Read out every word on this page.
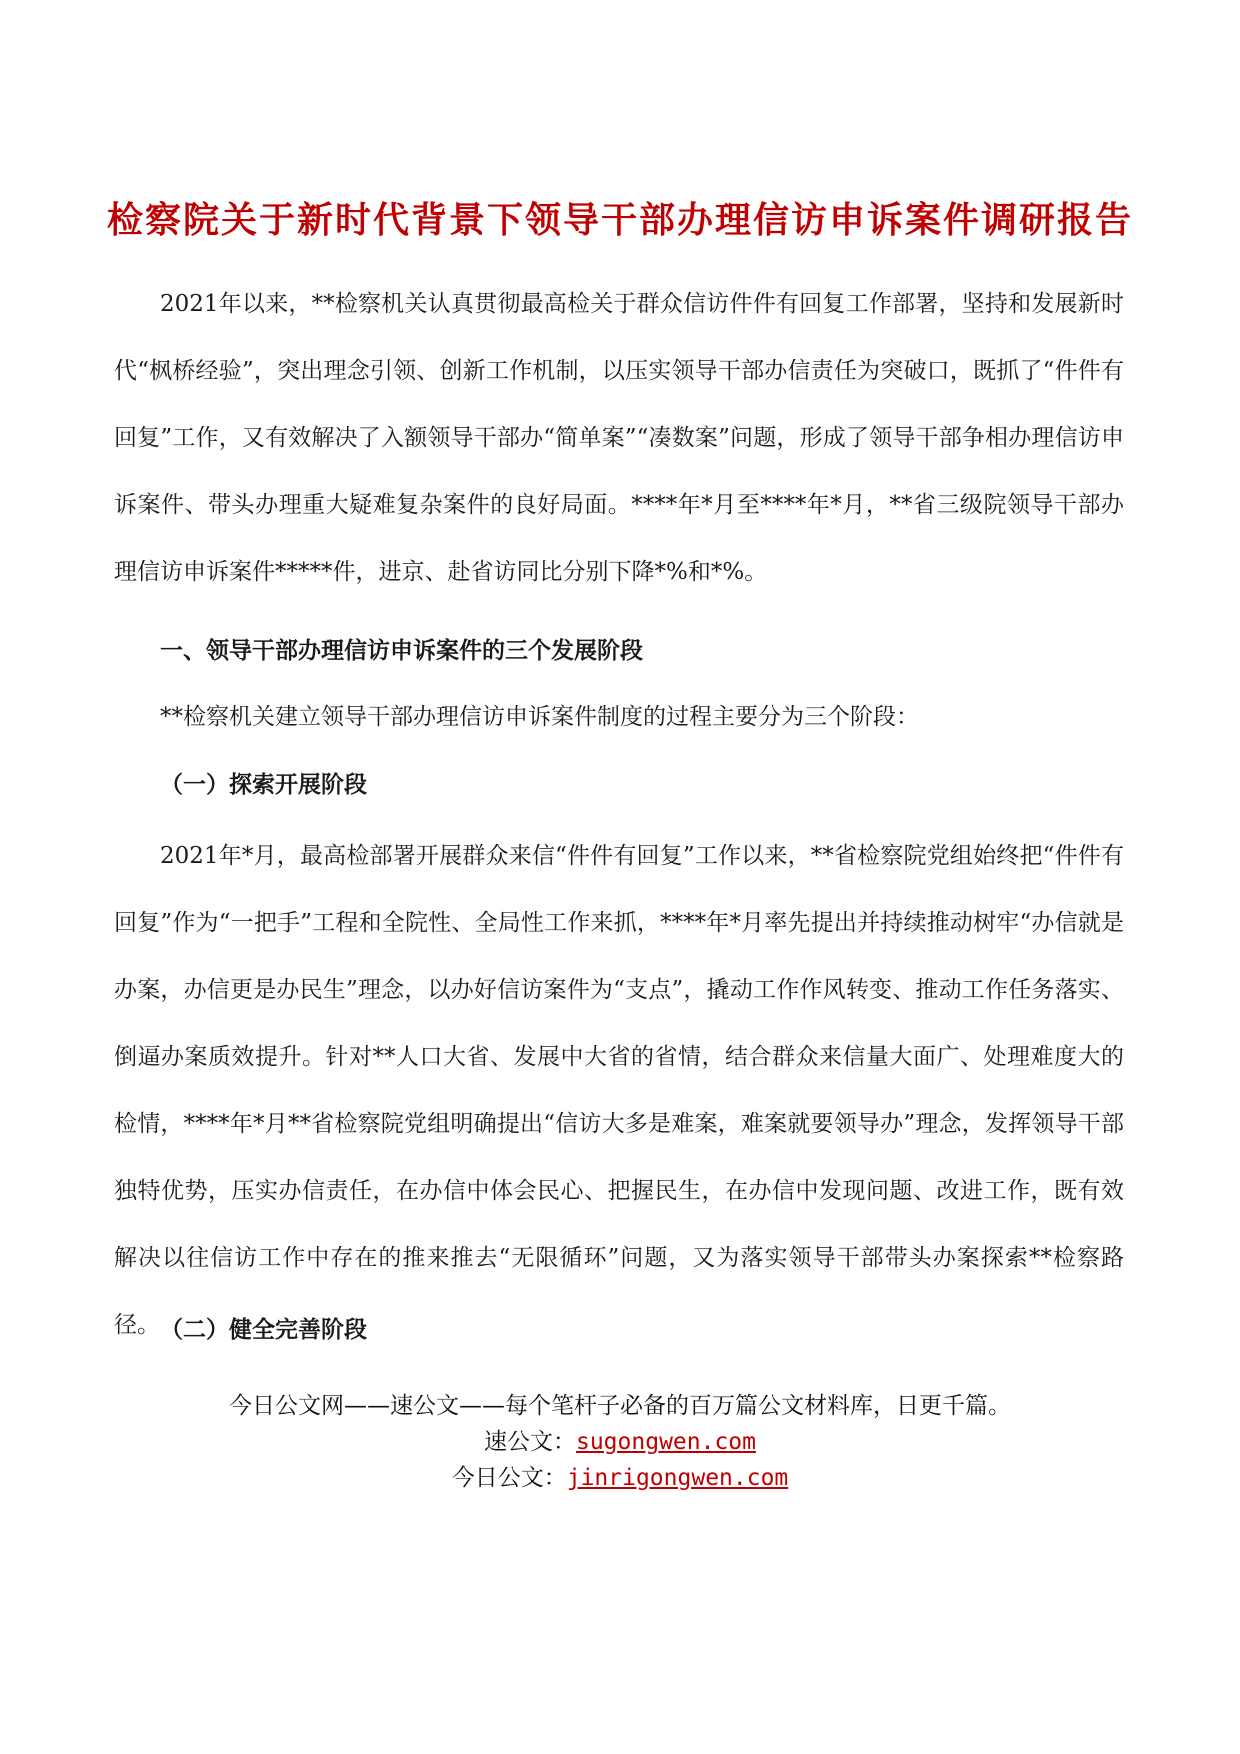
检察院关于新时代背景下领导干部办理信访申诉案件调研报告

2021年以来，**检察机关认真贯彻最高检关于群众信访件件有回复工作部署，坚持和发展新时代“枫桥经验”，突出理念引领、创新工作机制，以压实领导干部办信责任为突破口，既抓了“件件有回复”工作，又有效解决了入额领导干部办“简单案”“凑数案”问题，形成了领导干部争相办理信访申诉案件、带头办理重大疑难复杂案件的良好局面。****年*月至****年*月，**省三级院领导干部办理信访申诉案件*****件，进京、赴省访同比分别下降*%和*%。

一、领导干部办理信访申诉案件的三个发展阶段

**检察机关建立领导干部办理信访申诉案件制度的过程主要分为三个阶段：

（一）探索开展阶段

2021年*月，最高检部署开展群众来信“件件有回复”工作以来，**省检察院党组始终把“件件有回复”作为“一把手”工程和全院性、全局性工作来抓，****年*月率先提出并持续推动树牢“办信就是办案，办信更是办民生”理念，以办好信访案件为“支点”，撬动工作作风转变、推动工作任务落实、倒逼办案质效提升。针对**人口大省、发展中大省的省情，结合群众来信量大面广、处理难度大的检情，****年*月**省检察院党组明确提出“信访大多是难案，难案就要领导办”理念，发挥领导干部独特优势，压实办信责任，在办信中体会民心、把握民生，在办信中发现问题、改进工作，既有效解决以往信访工作中存在的推来推去“无限循环”问题，又为落实领导干部带头办案探索**检察路径。 （二）健全完善阶段

今日公文网——速公文——每个笔杆子必备的百万篇公文材料库，日更千篇。
速公文：sugongwen.com
今日公文：jinrigongwen.com
